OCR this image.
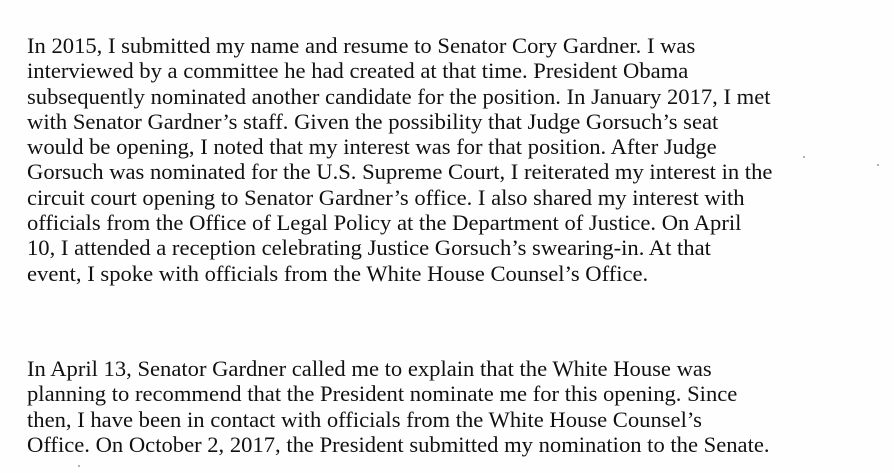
In 2015, I submitted my name and resume to Senator Cory Gardner. I was
interviewed by a committee he had created at that time. President Obama
subsequently nominated another candidate for the position. In January 2017, I met
with Senator Gardner’s staff. Given the possibility that Judge Gorsuch’s seat
would be opening, I noted that my interest was for that position. After Judge
Gorsuch was nominated for the U.S. Supreme Court, I reiterated my interest in the
circuit court opening to Senator Gardner’s office. I also shared my interest with
officials from the Office of Legal Policy at the Department of Justice. On April
10, I attended a reception celebrating Justice Gorsuch’s swearing-in. At that
event, I spoke with officials from the White House Counsel’s Office.
In April 13, Senator Gardner called me to explain that the White House was
planning to recommend that the President nominate me for this opening. Since
then, I have been in contact with officials from the White House Counsel’s
Office. On October 2, 2017, the President submitted my nomination to the Senate.
